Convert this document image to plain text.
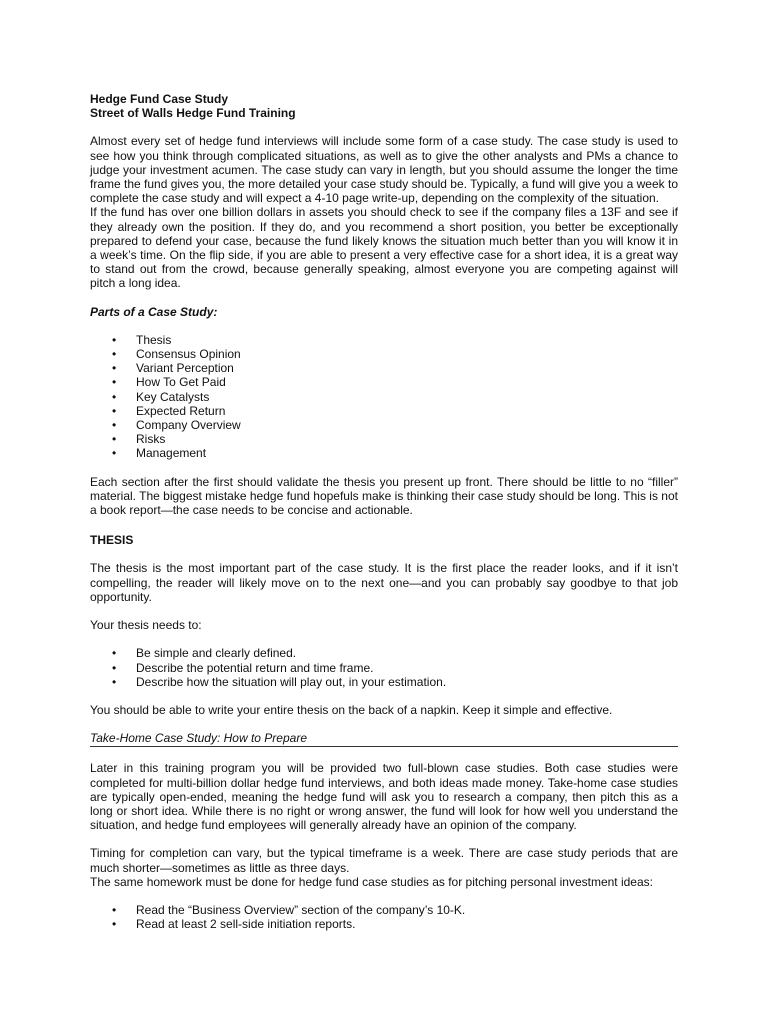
Hedge Fund Case Study

Street of Walls Hedge Fund Training

Almost every set of hedge fund interviews will include some form of a case study. The case study is used to see how you think through complicated situations, as well as to give the other analysts and PMs a chance to judge your investment acumen. The case study can vary in length, but you should assume the longer the time frame the fund gives you, the more detailed your case study should be. Typically, a fund will give you a week to complete the case study and will expect a 4-10 page write-up, depending on the complexity of the situation.

If the fund has over one billion dollars in assets you should check to see if the company files a 13F and see if they already own the position. If they do, and you recommend a short position, you better be exceptionally prepared to defend your case, because the fund likely knows the situation much better than you will know it in a week’s time. On the flip side, if you are able to present a very effective case for a short idea, it is a great way to stand out from the crowd, because generally speaking, almost everyone you are competing against will pitch a long idea.

Parts of a Case Study:

• Thesis
• Consensus Opinion
• Variant Perception
• How To Get Paid
• Key Catalysts
• Expected Return
• Company Overview
• Risks
• Management

Each section after the first should validate the thesis you present up front. There should be little to no “filler” material. The biggest mistake hedge fund hopefuls make is thinking their case study should be long. This is not a book report—the case needs to be concise and actionable.

THESIS

The thesis is the most important part of the case study. It is the first place the reader looks, and if it isn’t compelling, the reader will likely move on to the next one—and you can probably say goodbye to that job opportunity.

Your thesis needs to:

• Be simple and clearly defined.
• Describe the potential return and time frame.
• Describe how the situation will play out, in your estimation.

You should be able to write your entire thesis on the back of a napkin. Keep it simple and effective.

Take-Home Case Study: How to Prepare

Later in this training program you will be provided two full-blown case studies. Both case studies were completed for multi-billion dollar hedge fund interviews, and both ideas made money. Take-home case studies are typically open-ended, meaning the hedge fund will ask you to research a company, then pitch this as a long or short idea. While there is no right or wrong answer, the fund will look for how well you understand the situation, and hedge fund employees will generally already have an opinion of the company.

Timing for completion can vary, but the typical timeframe is a week. There are case study periods that are much shorter—sometimes as little as three days.

The same homework must be done for hedge fund case studies as for pitching personal investment ideas:

• Read the “Business Overview” section of the company’s 10-K.
• Read at least 2 sell-side initiation reports.
